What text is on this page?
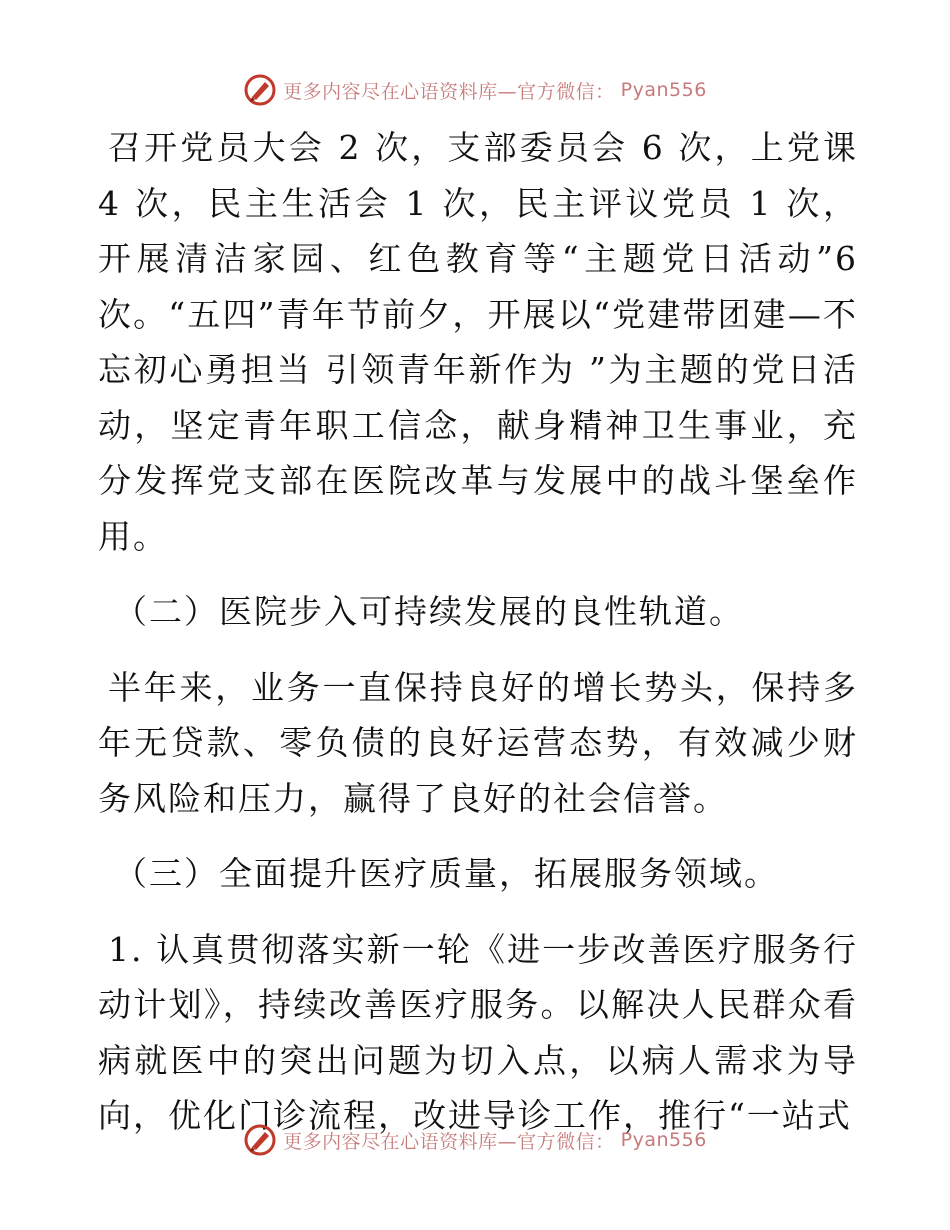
更多内容尽在心语资料库—官方微信： Pyan556

召开党员大会 2 次，支部委员会 6 次，上党课 4 次，民主生活会 1 次，民主评议党员 1 次，开展清洁家园、红色教育等“主题党日活动”6 次。“五四”青年节前夕，开展以“党建带团建—不忘初心勇担当 引领青年新作为 ”为主题的党日活动，坚定青年职工信念，献身精神卫生事业，充分发挥党支部在医院改革与发展中的战斗堡垒作用。

（二）医院步入可持续发展的良性轨道。

半年来，业务一直保持良好的增长势头，保持多年无贷款、零负债的良好运营态势，有效减少财务风险和压力，赢得了良好的社会信誉。

（三）全面提升医疗质量，拓展服务领域。

1. 认真贯彻落实新一轮《进一步改善医疗服务行动计划》，持续改善医疗服务。以解决人民群众看病就医中的突出问题为切入点，以病人需求为导向，优化门诊流程，改进导诊工作，推行“一站式

更多内容尽在心语资料库—官方微信： Pyan556
